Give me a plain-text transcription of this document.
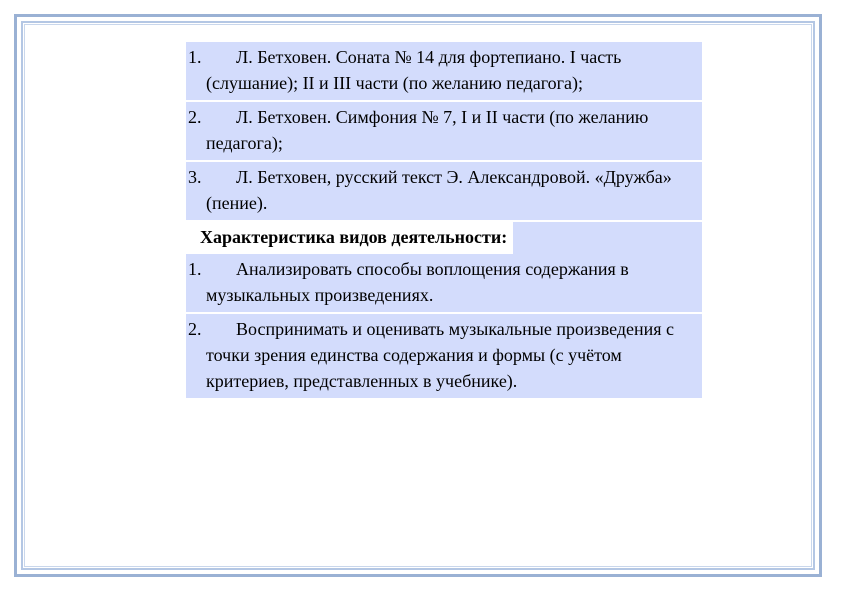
1. Л. Бетховен. Соната № 14 для фортепиано. I часть (слушание); II и III части (по желанию педагога);
2. Л. Бетховен. Симфония № 7, I и II части (по желанию педагога);
3. Л. Бетховен, русский текст Э. Александровой. «Дружба» (пение).
Характеристика видов деятельности:
1. Анализировать способы воплощения содержания в музыкальных произведениях.
2. Воспринимать и оценивать музыкальные произведения с точки зрения единства содержания и формы (с учётом критериев, представленных в учебнике).
